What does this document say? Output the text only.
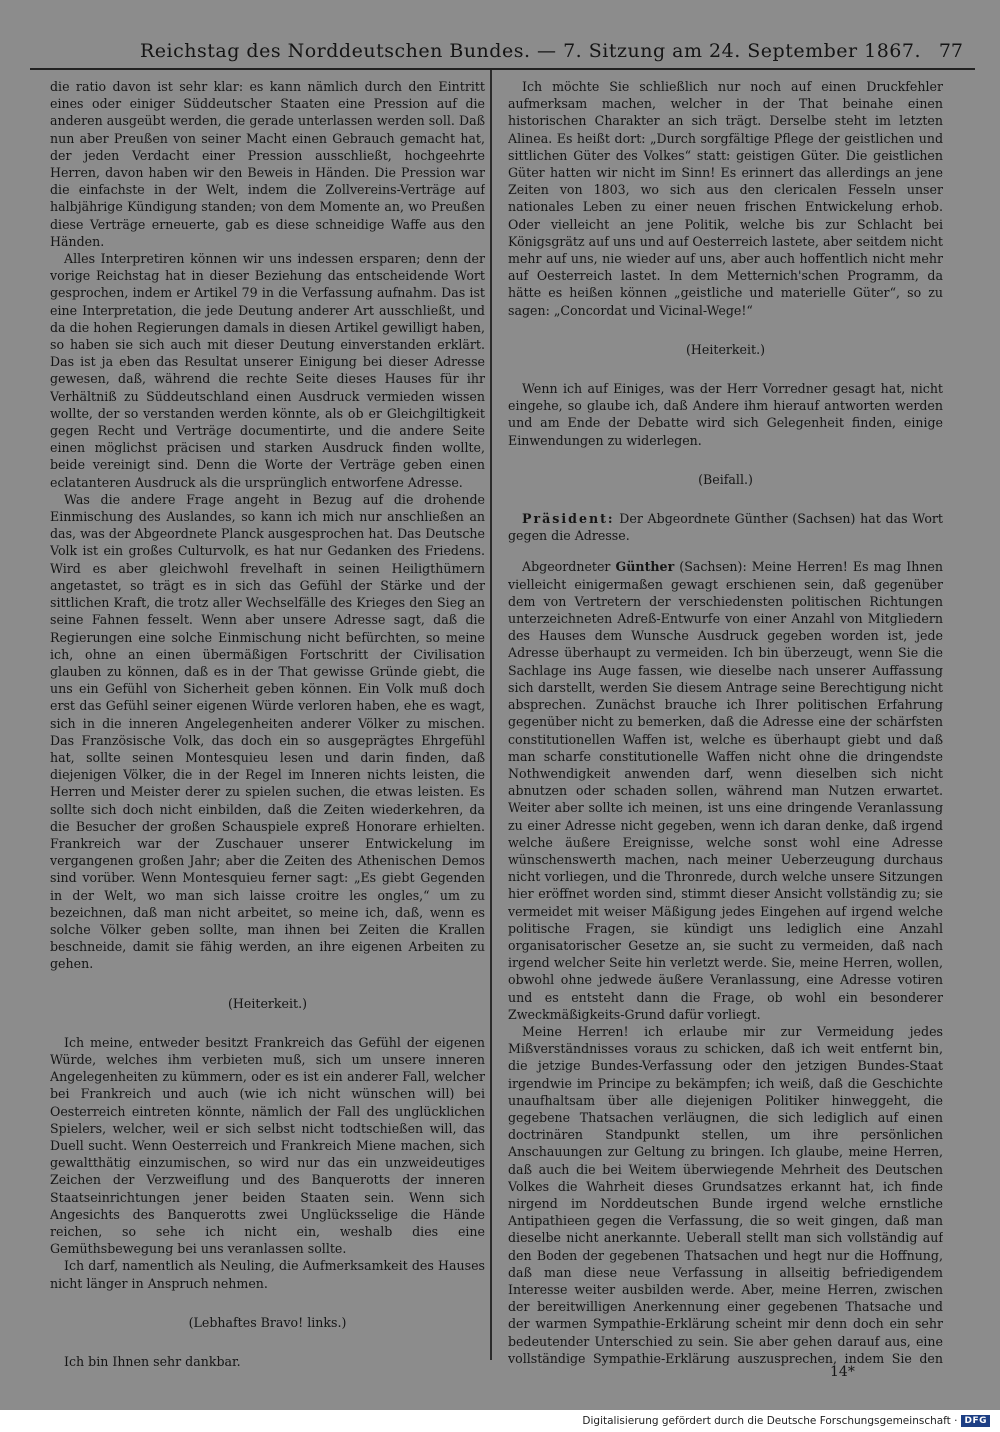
Reichstag des Norddeutschen Bundes. — 7. Sitzung am 24. September 1867. 77

die ratio davon ist sehr klar: es kann nämlich durch den Eintritt eines oder einiger Süddeutscher Staaten eine Pression auf die anderen ausgeübt werden, die gerade unterlassen werden soll. Daß nun aber Preußen von seiner Macht einen Gebrauch gemacht hat, der jeden Verdacht einer Pression ausschließt, hochgeehrte Herren, davon haben wir den Beweis in Händen. Die Pression war die einfachste in der Welt, indem die Zollvereins-Verträge auf halbjährige Kündigung standen; von dem Momente an, wo Preußen diese Verträge erneuerte, gab es diese schneidige Waffe aus den Händen.

Alles Interpretiren können wir uns indessen ersparen; denn der vorige Reichstag hat in dieser Beziehung das entscheidende Wort gesprochen, indem er Artikel 79 in die Verfassung aufnahm. Das ist eine Interpretation, die jede Deutung anderer Art ausschließt, und da die hohen Regierungen damals in diesen Artikel gewilligt haben, so haben sie sich auch mit dieser Deutung einverstanden erklärt. Das ist ja eben das Resultat unserer Einigung bei dieser Adresse gewesen, daß, während die rechte Seite dieses Hauses für ihr Verhältniß zu Süddeutschland einen Ausdruck vermieden wissen wollte, der so verstanden werden könnte, als ob er Gleichgiltigkeit gegen Recht und Verträge documentirte, und die andere Seite einen möglichst präcisen und starken Ausdruck finden wollte, beide vereinigt sind. Denn die Worte der Verträge geben einen eclatanteren Ausdruck als die ursprünglich entworfene Adresse.

Was die andere Frage angeht in Bezug auf die drohende Einmischung des Auslandes, so kann ich mich nur anschließen an das, was der Abgeordnete Planck ausgesprochen hat. Das Deutsche Volk ist ein großes Culturvolk, es hat nur Gedanken des Friedens. Wird es aber gleichwohl frevelhaft in seinen Heiligthümern angetastet, so trägt es in sich das Gefühl der Stärke und der sittlichen Kraft, die trotz aller Wechselfälle des Krieges den Sieg an seine Fahnen fesselt. Wenn aber unsere Adresse sagt, daß die Regierungen eine solche Einmischung nicht befürchten, so meine ich, ohne an einen übermäßigen Fortschritt der Civilisation glauben zu können, daß es in der That gewisse Gründe giebt, die uns ein Gefühl von Sicherheit geben können. Ein Volk muß doch erst das Gefühl seiner eigenen Würde verloren haben, ehe es wagt, sich in die inneren Angelegenheiten anderer Völker zu mischen. Das Französische Volk, das doch ein so ausgeprägtes Ehrgefühl hat, sollte seinen Montesquieu lesen und darin finden, daß diejenigen Völker, die in der Regel im Inneren nichts leisten, die Herren und Meister derer zu spielen suchen, die etwas leisten. Es sollte sich doch nicht einbilden, daß die Zeiten wiederkehren, da die Besucher der großen Schauspiele expreß Honorare erhielten. Frankreich war der Zuschauer unserer Entwickelung im vergangenen großen Jahr; aber die Zeiten des Athenischen Demos sind vorüber. Wenn Montesquieu ferner sagt: „Es giebt Gegenden in der Welt, wo man sich laisse croitre les ongles,“ um zu bezeichnen, daß man nicht arbeitet, so meine ich, daß, wenn es solche Völker geben sollte, man ihnen bei Zeiten die Krallen beschneide, damit sie fähig werden, an ihre eigenen Arbeiten zu gehen.

(Heiterkeit.)

Ich meine, entweder besitzt Frankreich das Gefühl der eigenen Würde, welches ihm verbieten muß, sich um unsere inneren Angelegenheiten zu kümmern, oder es ist ein anderer Fall, welcher bei Frankreich und auch (wie ich nicht wünschen will) bei Oesterreich eintreten könnte, nämlich der Fall des unglücklichen Spielers, welcher, weil er sich selbst nicht todtschießen will, das Duell sucht. Wenn Oesterreich und Frankreich Miene machen, sich gewaltthätig einzumischen, so wird nur das ein unzweideutiges Zeichen der Verzweiflung und des Banquerotts der inneren Staatseinrichtungen jener beiden Staaten sein. Wenn sich Angesichts des Banquerotts zwei Unglücksselige die Hände reichen, so sehe ich nicht ein, weshalb dies eine Gemüthsbewegung bei uns veranlassen sollte.

Ich darf, namentlich als Neuling, die Aufmerksamkeit des Hauses nicht länger in Anspruch nehmen.

(Lebhaftes Bravo! links.)

Ich bin Ihnen sehr dankbar.

Ich möchte Sie schließlich nur noch auf einen Druckfehler aufmerksam machen, welcher in der That beinahe einen historischen Charakter an sich trägt. Derselbe steht im letzten Alinea. Es heißt dort: „Durch sorgfältige Pflege der geistlichen und sittlichen Güter des Volkes“ statt: geistigen Güter. Die geistlichen Güter hatten wir nicht im Sinn! Es erinnert das allerdings an jene Zeiten von 1803, wo sich aus den clericalen Fesseln unser nationales Leben zu einer neuen frischen Entwickelung erhob. Oder vielleicht an jene Politik, welche bis zur Schlacht bei Königsgrätz auf uns und auf Oesterreich lastete, aber seitdem nicht mehr auf uns, nie wieder auf uns, aber auch hoffentlich nicht mehr auf Oesterreich lastet. In dem Metternich'schen Programm, da hätte es heißen können „geistliche und materielle Güter“, so zu sagen: „Concordat und Vicinal-Wege!“

(Heiterkeit.)

Wenn ich auf Einiges, was der Herr Vorredner gesagt hat, nicht eingehe, so glaube ich, daß Andere ihm hierauf antworten werden und am Ende der Debatte wird sich Gelegenheit finden, einige Einwendungen zu widerlegen.

(Beifall.)

Präsident: Der Abgeordnete Günther (Sachsen) hat das Wort gegen die Adresse.

Abgeordneter Günther (Sachsen): Meine Herren! Es mag Ihnen vielleicht einigermaßen gewagt erschienen sein, daß gegenüber dem von Vertretern der verschiedensten politischen Richtungen unterzeichneten Adreß-Entwurfe von einer Anzahl von Mitgliedern des Hauses dem Wunsche Ausdruck gegeben worden ist, jede Adresse überhaupt zu vermeiden. Ich bin überzeugt, wenn Sie die Sachlage ins Auge fassen, wie dieselbe nach unserer Auffassung sich darstellt, werden Sie diesem Antrage seine Berechtigung nicht absprechen. Zunächst brauche ich Ihrer politischen Erfahrung gegenüber nicht zu bemerken, daß die Adresse eine der schärfsten constitutionellen Waffen ist, welche es überhaupt giebt und daß man scharfe constitutionelle Waffen nicht ohne die dringendste Nothwendigkeit anwenden darf, wenn dieselben sich nicht abnutzen oder schaden sollen, während man Nutzen erwartet. Weiter aber sollte ich meinen, ist uns eine dringende Veranlassung zu einer Adresse nicht gegeben, wenn ich daran denke, daß irgend welche äußere Ereignisse, welche sonst wohl eine Adresse wünschenswerth machen, nach meiner Ueberzeugung durchaus nicht vorliegen, und die Thronrede, durch welche unsere Sitzungen hier eröffnet worden sind, stimmt dieser Ansicht vollständig zu; sie vermeidet mit weiser Mäßigung jedes Eingehen auf irgend welche politische Fragen, sie kündigt uns lediglich eine Anzahl organisatorischer Gesetze an, sie sucht zu vermeiden, daß nach irgend welcher Seite hin verletzt werde. Sie, meine Herren, wollen, obwohl ohne jedwede äußere Veranlassung, eine Adresse votiren und es entsteht dann die Frage, ob wohl ein besonderer Zweckmäßigkeits-Grund dafür vorliegt.

Meine Herren! ich erlaube mir zur Vermeidung jedes Mißverständnisses voraus zu schicken, daß ich weit entfernt bin, die jetzige Bundes-Verfassung oder den jetzigen Bundes-Staat irgendwie im Principe zu bekämpfen; ich weiß, daß die Geschichte unaufhaltsam über alle diejenigen Politiker hinweggeht, die gegebene Thatsachen verläugnen, die sich lediglich auf einen doctrinären Standpunkt stellen, um ihre persönlichen Anschauungen zur Geltung zu bringen. Ich glaube, meine Herren, daß auch die bei Weitem überwiegende Mehrheit des Deutschen Volkes die Wahrheit dieses Grundsatzes erkannt hat, ich finde nirgend im Norddeutschen Bunde irgend welche ernstliche Antipathieen gegen die Verfassung, die so weit gingen, daß man dieselbe nicht anerkannte. Ueberall stellt man sich vollständig auf den Boden der gegebenen Thatsachen und hegt nur die Hoffnung, daß man diese neue Verfassung in allseitig befriedigendem Interesse weiter ausbilden werde. Aber, meine Herren, zwischen der bereitwilligen Anerkennung einer gegebenen Thatsache und der warmen Sympathie-Erklärung scheint mir denn doch ein sehr bedeutender Unterschied zu sein. Sie aber gehen darauf aus, eine vollständige Sympathie-Erklärung auszusprechen, indem Sie den

14*
Digitalisierung gefördert durch die Deutsche Forschungsgemeinschaft · DFG
